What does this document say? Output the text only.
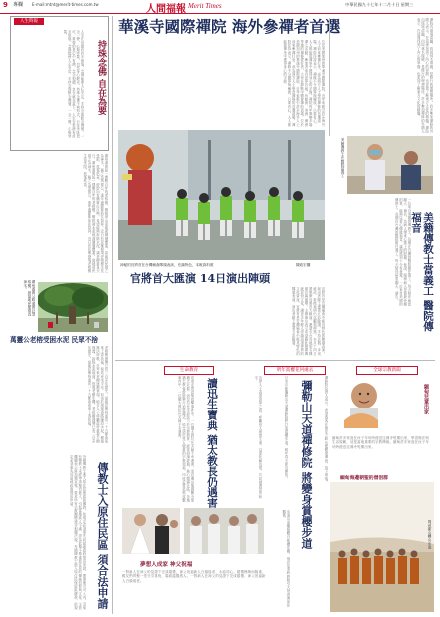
9 專欄 E-mail:mtnt@merit-times.com.tw	人間福報 Merit Times	中華民國九十七年十二月十日 星期三
人生時報
人生在世總有許多煩惱，念佛能使人心安定，手持念珠默念佛號，一念一聲，心無旁騖，自然身心輕安。持珠念佛不拘形式，行住坐臥皆可，重要的是心中有佛，念念相續，自在就在當下。人生在世總有許多煩惱，念佛能使人心安定，手持念珠默念佛號，一念一聲，心無旁騖。
持珠念佛 自在為要
廣州番禺區一棵數百年的老榕樹，樹根被水泥地面層層覆蓋，當地居民視之為神木，稱之為萬靈公，逢年過節都前往祭拜。近日有民眾發現老榕樹生長受阻，枝葉枯黃，紛紛向有關單位反映，希望能夠拆除水泥，讓老樹重見天日。廣州番禺區一棵數百年的老榕樹，樹根被水泥地面層層覆蓋，當地居民視之為神木，稱之為萬靈公，逢年過節都前往祭拜。近日有民眾發現老榕樹生長受阻，枝葉枯黃。
廣州番禺公路邊的巨型榕樹，被當地民眾視為神木。
萬靈公老榕受困水泥 民眾不捨
老榕樹據傳已有三百多年歷史，當地民眾每逢初一十五都會前來上香祈福，保佑家宅平安。但由於周邊道路鋪設水泥，樹根無法呼吸，近年來老樹逐漸衰弱。地方人士呼籲政府重視古樹保護，拆除水泥地面，恢復老樹生機。老榕樹據傳已有三百多年歷史，當地民眾每逢初一十五都會前來上香祈福。
外國傳教士進入原住民保留區傳教，依規定必須事先向當地政府提出申請，獲准後方可入內。近來有傳教士未經申請擅自進入，引起當地族人不滿，認為此舉不尊重原住民的傳統信仰與文化。主管機關表示將加強宣導，要求所有宗教團體遵守相關法規。外國傳教士進入原住民保留區傳教，依規定必須事先向當地政府提出申請。	傳教士入原住民區 須合法申請
華溪寺國際禪院 海外參禪者首選
位於美國加州的華溪寺國際禪院，近年來吸引許多海外人士前來參禪打坐，成為西方人士學習禪修的首選道場。禪院住持表示，禪修不分國界與種族，只要有心，人人都能從禪坐中獲得身心的平靜。禪院每年舉辦多場禪七活動，參加者來自世界各地，有歐洲、美洲、澳洲等地的禪修愛好者，大家在靜默中體會禪的真義。位於美國加州的華溪寺國際禪院，近年來吸引許多海外人士前來參禪打坐，成為西方人士學習禪修的首選道場。禪院住持表示，禪修不分國界與種族，只要有心，人人都能從禪坐中獲得身心的平靜。
神秘的官將首在台灣廟會陣頭表演，充滿特色，本報資料照	陳政宏攝
官將首大匯演 14日演出陣頭
官將首是台灣廟會中極具特色的陣頭表演，演出者臉上畫著五彩臉譜，手持法器，步伐威武，象徵神明出巡驅邪押煞。本月十四日將舉辦官將首大匯演，邀請全台各地知名陣頭共襄盛舉，主辦單位表示希望藉此推廣傳統民俗文化，讓更多年輕人認識這項珍貴的文化資產。官將首是台灣廟會中極具特色的陣頭表演，演出者臉上畫著五彩臉譜。
禪院內環境清幽，四周林木環繞，是修行的理想場所。許多參加禪修的外國人表示，在這裡找到了內心的寧靜，也更加了解東方文化的精髓。禪院內環境清幽，四周林木環繞，是修行的理想場所。許多參加禪修的外國人表示，在這裡找到了內心的寧靜，也更加了解東方文化的精髓。
美籍傳教士在醫院當義工
一位來自美國的傳教士，長期在台灣的醫院擔任義工，每天陪伴病患聊天、禱告，為病人帶來心靈上的慰藉。他說，服務病人是他最快樂的事，能夠以愛心傳遞福音，讓他感到十分有意義。一位來自美國的傳教士，長期在台灣的醫院擔任義工，每天陪伴病患聊天、禱告。	美籍傳教士當義工 醫院傳福音
生命教育	明年賞櫻花何處去	全球宗教新聞
印度孟買恐怖攻擊事件中，一位猶太教拉比夫婦不幸遇害，消息傳出後震驚全球猶太社群。這位拉比生前致力於宗教教育，經常研讀經典，熱心服務社區。各地猶太教會紛紛舉行追思儀式，悼念這位受人敬重的宗教領袖。印度孟買恐怖攻擊事件中，一位猶太教拉比夫婦不幸遇害。	讀迅生寶典 猶太教長仍遇害	各界人士表達哀悼之意，呼籲世人珍惜生命，以愛化解仇恨，共同維護世界和平。
夢想人成家 神父祝福
一對新人在神父的見證下完成婚禮，神父祝福新人白頭偕老、永結同心。婚禮簡單而隆重，親友們齊聚一堂分享喜悅，場面溫馨感人。一對新人在神父的見證下完成婚禮，神父祝福新人白頭偕老。
日本京都彌勒山天道禪修院將打造賞櫻步道，明年春天即可開放。	彌勒山天道禪修院 將變身賞櫻步道
步道沿途種植數百株櫻花樹，預計花季時將吸引大批遊客前往觀賞。
禪修院負責人表示，希望遊客在賞花之餘也能體會禪意，放下煩惱。	緬甸兒童出家
緬甸許多家庭在孩子年幼時便送往佛寺短期出家，學習佛法與生活規範，這是當地重要的宗教傳統。緬甸許多家庭在孩子年幼時便送往佛寺短期出家。
緬甸海邊朝聖的僧侶群
岡底斯山轉山步道
